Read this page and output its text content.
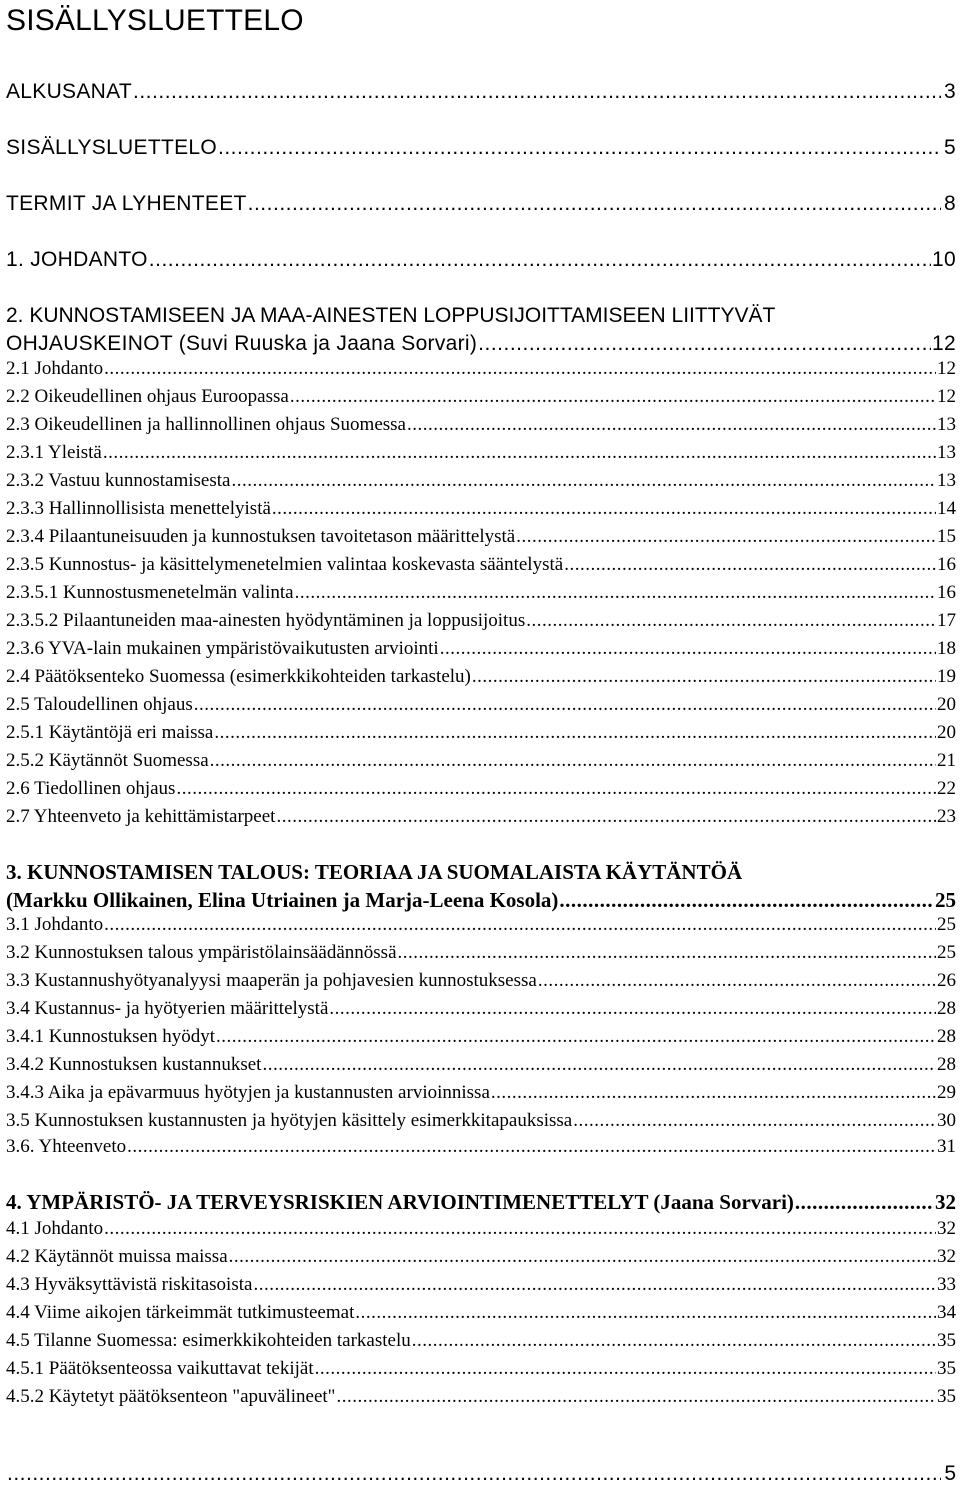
SISÄLLYSLUETTELO
ALKUSANAT .....	3
SISÄLLYSLUETTELO .....	5
TERMIT JA LYHENTEET .....	8
1. JOHDANTO .....	10
2. KUNNOSTAMISEEN JA MAA-AINESTEN LOPPUSIJOITTAMISEEN LIITTYVÄT
OHJAUSKEINOT (Suvi Ruuska ja Jaana Sorvari) .....	12
2.1 Johdanto .....	12
2.2 Oikeudellinen ohjaus Euroopassa .....	12
2.3 Oikeudellinen ja hallinnollinen ohjaus Suomessa .....	13
2.3.1 Yleistä .....	13
2.3.2 Vastuu kunnostamisesta .....	13
2.3.3 Hallinnollisista menettelyistä .....	14
2.3.4 Pilaantuneisuuden ja kunnostuksen tavoitetason määrittelystä .....	15
2.3.5 Kunnostus- ja käsittelymenetelmien valintaa koskevasta sääntelystä .....	16
2.3.5.1 Kunnostusmenetelmän valinta .....	16
2.3.5.2 Pilaantuneiden maa-ainesten hyödyntäminen ja loppusijoitus .....	17
2.3.6 YVA-lain mukainen ympäristövaikutusten arviointi .....	18
2.4 Päätöksenteko Suomessa (esimerkkikohteiden tarkastelu) .....	19
2.5 Taloudellinen ohjaus .....	20
2.5.1 Käytäntöjä eri maissa .....	20
2.5.2 Käytännöt Suomessa .....	21
2.6 Tiedollinen ohjaus .....	22
2.7 Yhteenveto ja kehittämistarpeet .....	23
3. KUNNOSTAMISEN TALOUS: TEORIAA JA SUOMALAISTA KÄYTÄNTÖÄ
(Markku Ollikainen, Elina Utriainen ja Marja-Leena Kosola) .....	25
3.1 Johdanto .....	25
3.2 Kunnostuksen talous ympäristölainsäädännössä .....	25
3.3 Kustannushyötyanalyysi maaperän ja pohjavesien kunnostuksessa .....	26
3.4 Kustannus- ja hyötyerien määrittelystä .....	28
3.4.1 Kunnostuksen hyödyt .....	28
3.4.2 Kunnostuksen kustannukset .....	28
3.4.3 Aika ja epävarmuus hyötyjen ja kustannusten arvioinnissa .....	29
3.5 Kunnostuksen kustannusten ja hyötyjen käsittely esimerkkitapauksissa .....	30
3.6. Yhteenveto .....	31
4. YMPÄRISTÖ- JA TERVEYSRISKIEN ARVIOINTIMENETTELYT (Jaana Sorvari) .....	32
4.1 Johdanto .....	32
4.2 Käytännöt muissa maissa .....	32
4.3 Hyväksyttävistä riskitasoista .....	33
4.4 Viime aikojen tärkeimmät tutkimusteemat .....	34
4.5 Tilanne Suomessa: esimerkkikohteiden tarkastelu .....	35
4.5.1 Päätöksenteossa vaikuttavat tekijät .....	35
4.5.2 Käytetyt päätöksenteon "apuvälineet" .....	35
.....
5
